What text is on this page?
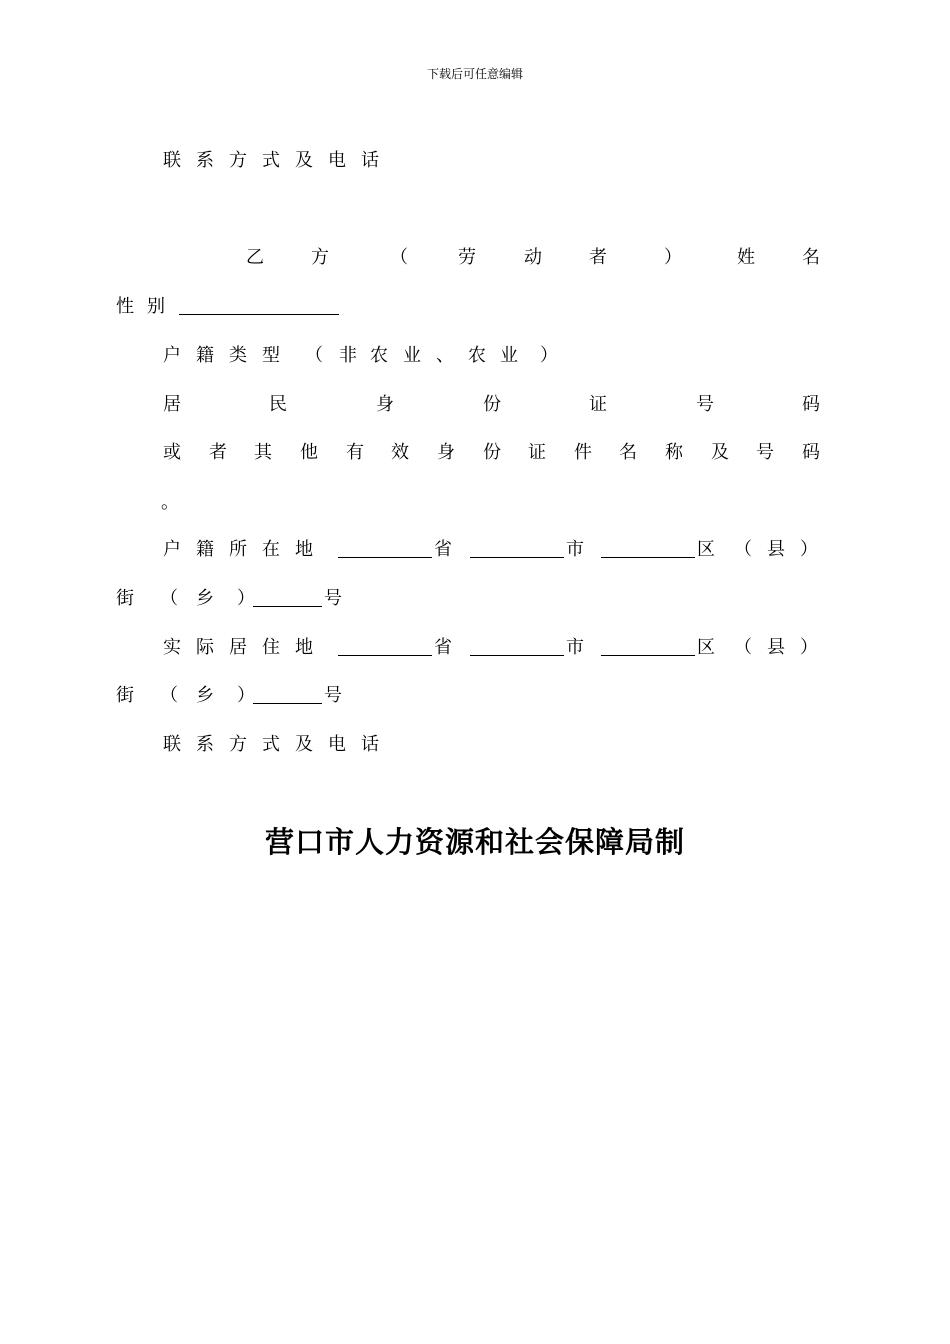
下载后可任意编辑
联 系 方 式 及 电 话
乙	方	（	劳	动	者	）	姓	名
性 别
户 籍 类 型 （ 非 农 业 、 农 业 ）
居	民	身	份	证	号	码
或 者 其 他 有 效 身 份 证 件 名 称 及 号 码
。
户 籍 所 在 地	省	市	区 （ 县 ）
街 （ 乡 ）	号
实 际 居 住 地	省	市	区 （ 县 ）
街 （ 乡 ）	号
联 系 方 式 及 电 话
营口市人力资源和社会保障局制
